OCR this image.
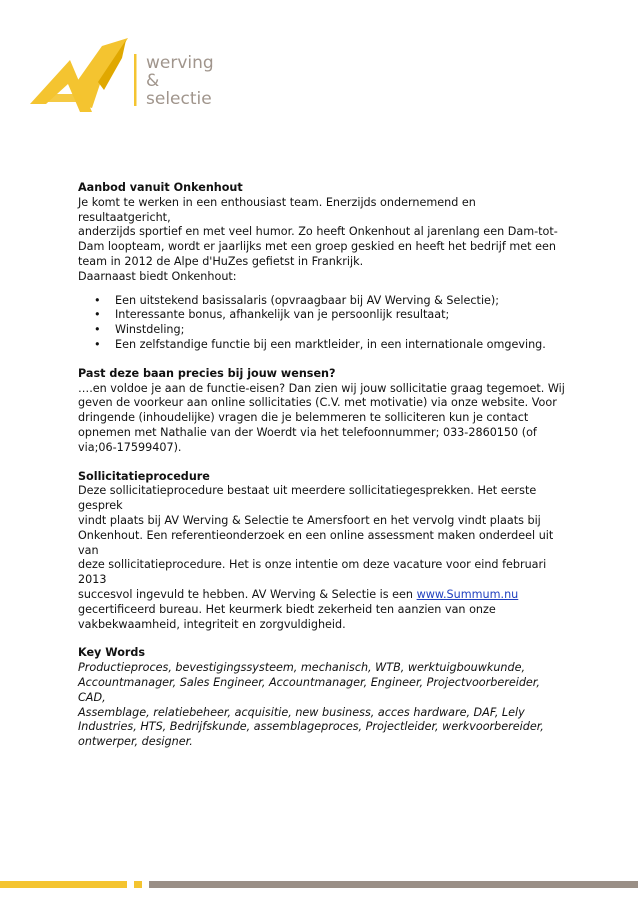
werving
&
selectie

Aanbod vanuit Onkenhout

Je komt te werken in een enthousiast team. Enerzijds ondernemend en resultaatgericht,

anderzijds sportief en met veel humor. Zo heeft Onkenhout al jarenlang een Dam-tot-

Dam loopteam, wordt er jaarlijks met een groep geskied en heeft het bedrijf met een

team in 2012 de Alpe d'HuZes gefietst in Frankrijk.

Daarnaast biedt Onkenhout:

• Een uitstekend basissalaris (opvraagbaar bij AV Werving & Selectie);
• Interessante bonus, afhankelijk van je persoonlijk resultaat;
• Winstdeling;
• Een zelfstandige functie bij een marktleider, in een internationale omgeving.

Past deze baan precies bij jouw wensen?

….en voldoe je aan de functie-eisen? Dan zien wij jouw sollicitatie graag tegemoet. Wij

geven de voorkeur aan online sollicitaties (C.V. met motivatie) via onze website. Voor

dringende (inhoudelijke) vragen die je belemmeren te solliciteren kun je contact

opnemen met Nathalie van der Woerdt via het telefoonnummer; 033-2860150 (of

via;06-17599407).

Sollicitatieprocedure

Deze sollicitatieprocedure bestaat uit meerdere sollicitatiegesprekken. Het eerste gesprek

vindt plaats bij AV Werving & Selectie te Amersfoort en het vervolg vindt plaats bij

Onkenhout. Een referentieonderzoek en een online assessment maken onderdeel uit van

deze sollicitatieprocedure. Het is onze intentie om deze vacature voor eind februari 2013

succesvol ingevuld te hebben. AV Werving & Selectie is een www.Summum.nu

gecertificeerd bureau. Het keurmerk biedt zekerheid ten aanzien van onze

vakbekwaamheid, integriteit en zorgvuldigheid.

Key Words

Productieproces, bevestigingssysteem, mechanisch, WTB, werktuigbouwkunde,

Accountmanager, Sales Engineer, Accountmanager, Engineer, Projectvoorbereider, CAD,

Assemblage, relatiebeheer, acquisitie, new business, acces hardware, DAF, Lely

Industries, HTS, Bedrijfskunde, assemblageproces, Projectleider, werkvoorbereider,

ontwerper, designer.
